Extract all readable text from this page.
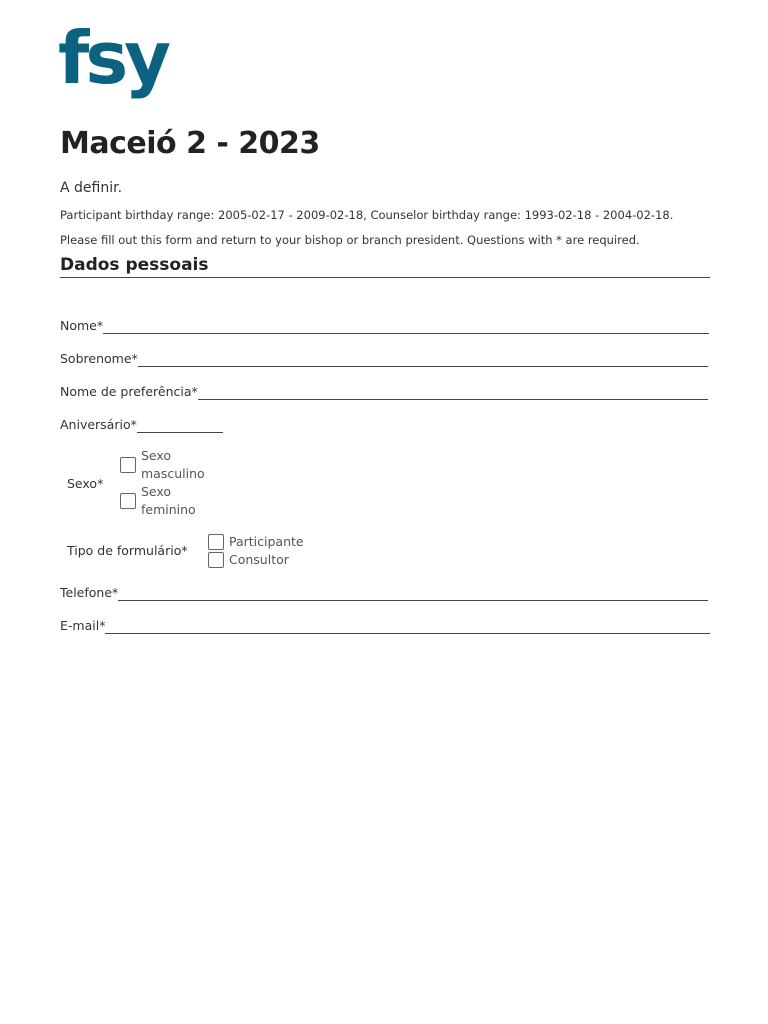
fsy
Maceió 2 - 2023
A definir.
Participant birthday range: 2005-02-17 - 2009-02-18, Counselor birthday range: 1993-02-18 - 2004-02-18.
Please fill out this form and return to your bishop or branch president. Questions with * are required.
Dados pessoais
Nome*
Sobrenome*
Nome de preferência*
Aniversário*
Sexo*
Sexo
masculino
Sexo
feminino
Tipo de formulário*
Participante
Consultor
Telefone*
E-mail*
